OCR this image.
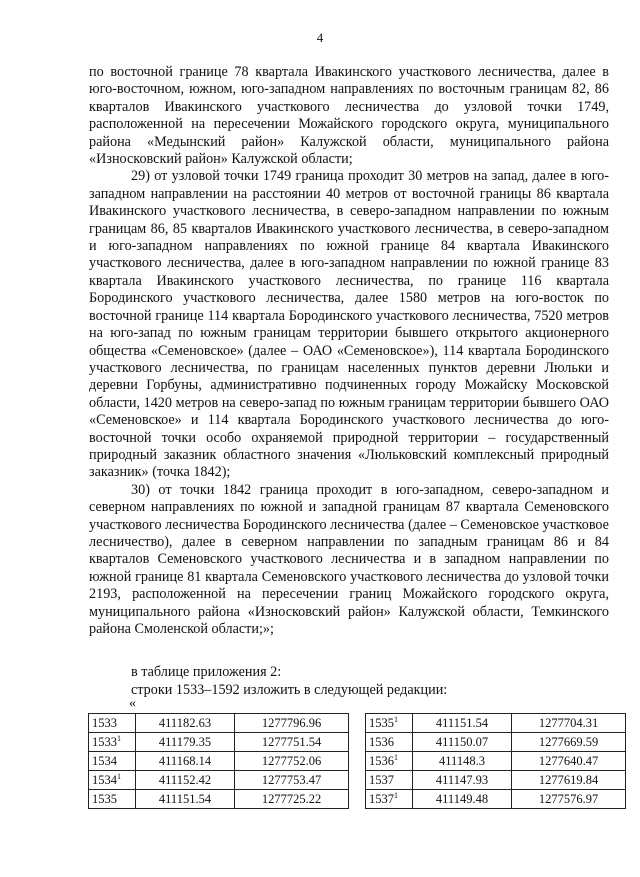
4

по восточной границе 78 квартала Ивакинского участкового лесничества, далее в юго-восточном, южном, юго-западном направлениях по восточным границам 82, 86 кварталов Ивакинского участкового лесничества до узловой точки 1749, расположенной на пересечении Можайского городского округа, муниципального района «Медынский район» Калужской области, муниципального района «Износковский район» Калужской области;

29) от узловой точки 1749 граница проходит 30 метров на запад, далее в юго-западном направлении на расстоянии 40 метров от восточной границы 86 квартала Ивакинского участкового лесничества, в северо-западном направлении по южным границам 86, 85 кварталов Ивакинского участкового лесничества, в северо-западном и юго-западном направлениях по южной границе 84 квартала Ивакинского участкового лесничества, далее в юго-западном направлении по южной границе 83 квартала Ивакинского участкового лесничества, по границе 116 квартала Бородинского участкового лесничества, далее 1580 метров на юго-восток по восточной границе 114 квартала Бородинского участкового лесничества, 7520 метров на юго-запад по южным границам территории бывшего открытого акционерного общества «Семеновское» (далее – ОАО «Семеновское»), 114 квартала Бородинского участкового лесничества, по границам населенных пунктов деревни Люльки и деревни Горбуны, административно подчиненных городу Можайску Московской области, 1420 метров на северо-запад по южным границам территории бывшего ОАО «Семеновское» и 114 квартала Бородинского участкового лесничества до юго-восточной точки особо охраняемой природной территории – государственный природный заказник областного значения «Люльковский комплексный природный заказник» (точка 1842);

30) от точки 1842 граница проходит в юго-западном, северо-западном и северном направлениях по южной и западной границам 87 квартала Семеновского участкового лесничества Бородинского лесничества (далее – Семеновское участковое лесничество), далее в северном направлении по западным границам 86 и 84 кварталов Семеновского участкового лесничества и в западном направлении по южной границе 81 квартала Семеновского участкового лесничества до узловой точки 2193, расположенной на пересечении границ Можайского городского округа, муниципального района «Износковский район» Калужской области, Темкинского района Смоленской области;»;

в таблице приложения 2:
строки 1533–1592 изложить в следующей редакции:
«
1533	411182.63	1277796.96
1533$^1$	411179.35	1277751.54
1534	411168.14	1277752.06
1534$^1$	411152.42	1277753.47
1535	411151.54	1277725.22
1535$^1$	411151.54	1277704.31
1536	411150.07	1277669.59
1536$^1$	411148.3	1277640.47
1537	411147.93	1277619.84
1537$^1$	411149.48	1277576.97
